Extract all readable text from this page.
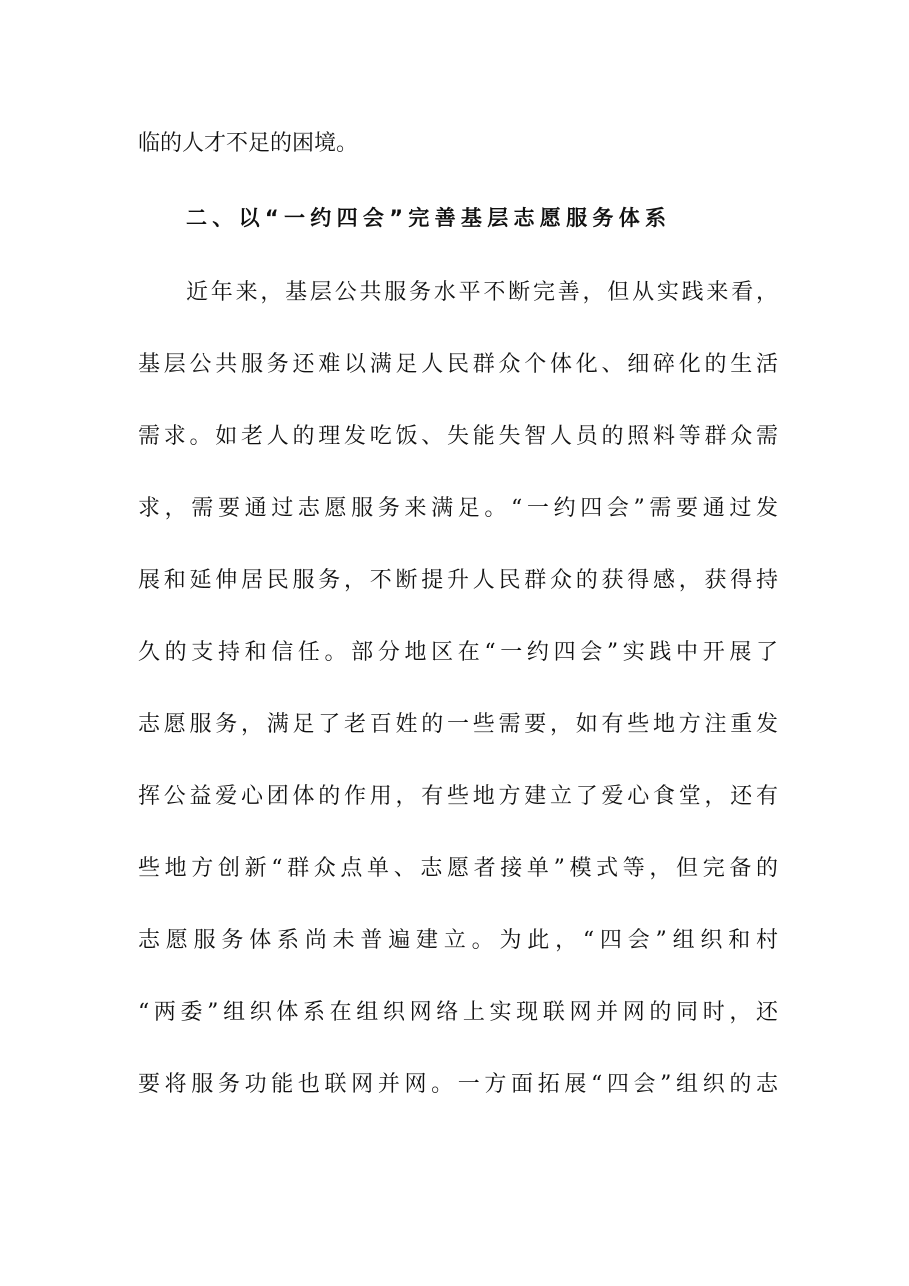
临的人才不足的困境。
二、以“一约四会”完善基层志愿服务体系
近年来，基层公共服务水平不断完善，但从实践来看，
基层公共服务还难以满足人民群众个体化、细碎化的生活
需求。如老人的理发吃饭、失能失智人员的照料等群众需
求，需要通过志愿服务来满足。“一约四会”需要通过发
展和延伸居民服务，不断提升人民群众的获得感，获得持
久的支持和信任。部分地区在“一约四会”实践中开展了
志愿服务，满足了老百姓的一些需要，如有些地方注重发
挥公益爱心团体的作用，有些地方建立了爱心食堂，还有
些地方创新“群众点单、志愿者接单”模式等，但完备的
志愿服务体系尚未普遍建立。为此，“四会”组织和村
“两委”组织体系在组织网络上实现联网并网的同时，还
要将服务功能也联网并网。一方面拓展“四会”组织的志
